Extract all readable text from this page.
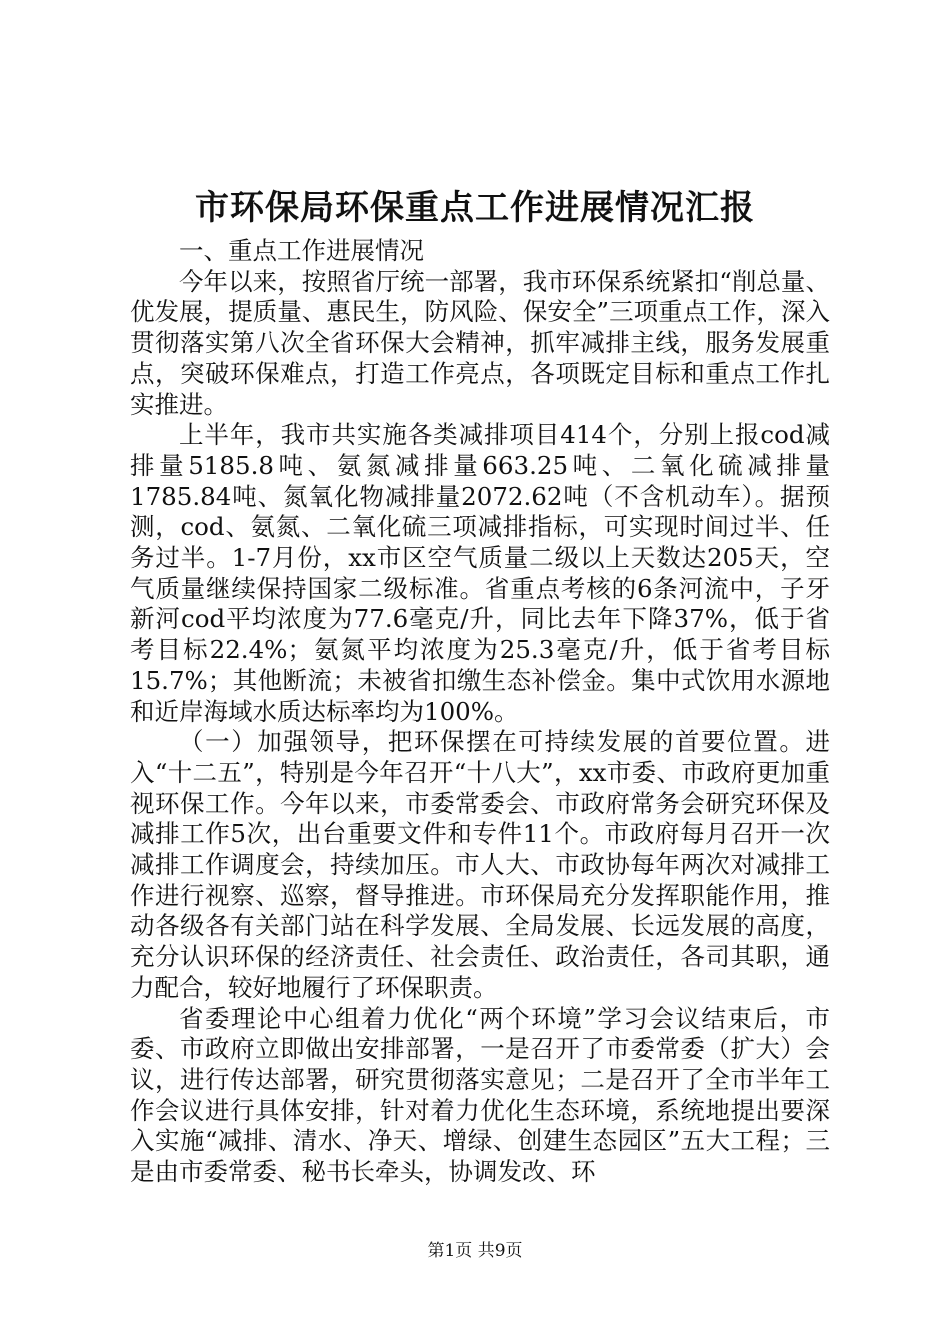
市环保局环保重点工作进展情况汇报

一、重点工作进展情况

今年以来，按照省厅统一部署，我市环保系统紧扣“削总量、优发展，提质量、惠民生，防风险、保安全”三项重点工作，深入贯彻落实第八次全省环保大会精神，抓牢减排主线，服务发展重点，突破环保难点，打造工作亮点，各项既定目标和重点工作扎实推进。

上半年，我市共实施各类减排项目414个，分别上报cod减排量5185.8吨、氨氮减排量663.25吨、二氧化硫减排量1785.84吨、氮氧化物减排量2072.62吨（不含机动车）。据预测，cod、氨氮、二氧化硫三项减排指标，可实现时间过半、任务过半。1-7月份，xx市区空气质量二级以上天数达205天，空气质量继续保持国家二级标准。省重点考核的6条河流中，子牙新河cod平均浓度为77.6毫克/升，同比去年下降37%，低于省考目标22.4%；氨氮平均浓度为25.3毫克/升，低于省考目标15.7%；其他断流；未被省扣缴生态补偿金。集中式饮用水源地和近岸海域水质达标率均为100%。

（一）加强领导，把环保摆在可持续发展的首要位置。进入“十二五”，特别是今年召开“十八大”，xx市委、市政府更加重视环保工作。今年以来，市委常委会、市政府常务会研究环保及减排工作5次，出台重要文件和专件11个。市政府每月召开一次减排工作调度会，持续加压。市人大、市政协每年两次对减排工作进行视察、巡察，督导推进。市环保局充分发挥职能作用，推动各级各有关部门站在科学发展、全局发展、长远发展的高度，充分认识环保的经济责任、社会责任、政治责任，各司其职，通力配合，较好地履行了环保职责。

省委理论中心组着力优化“两个环境”学习会议结束后，市委、市政府立即做出安排部署，一是召开了市委常委（扩大）会议，进行传达部署，研究贯彻落实意见；二是召开了全市半年工作会议进行具体安排，针对着力优化生态环境，系统地提出要深入实施“减排、清水、净天、增绿、创建生态园区”五大工程；三是由市委常委、秘书长牵头，协调发改、环

第1页 共9页
